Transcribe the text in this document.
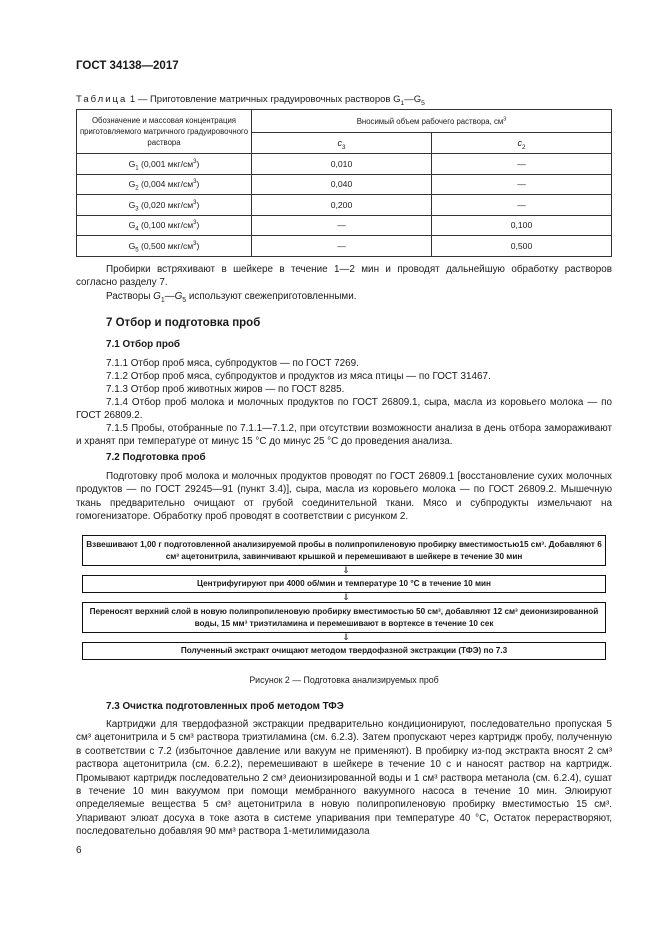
ГОСТ 34138—2017
Таблица 1 — Приготовление матричных градуировочных растворов $G_1—G_5$
Обозначение и массовая концентрация приготовляемого матричного градуировочного раствора	Вносимый объем рабочего раствора, $см^3$
	$c_3$	$c_2$
$G_1$ (0,001 мкг/$см^3$)	0,010	—
$G_2$ (0,004 мкг/$см^3$)	0,040	—
$G_3$ (0,020 мкг/$см^3$)	0,200	—
$G_4$ (0,100 мкг/$см^3$)	—	0,100
$G_5$ (0,500 мкг/$см^3$)	—	0,500
Пробирки встряхивают в шейкере в течение 1—2 мин и проводят дальнейшую обработку растворов согласно разделу 7.
Растворы $G_1—G_5$ используют свежеприготовленными.
7 Отбор и подготовка проб
7.1 Отбор проб
7.1.1 Отбор проб мяса, субпродуктов — по ГОСТ 7269.
7.1.2 Отбор проб мяса, субпродуктов и продуктов из мяса птицы — по ГОСТ 31467.
7.1.3 Отбор проб животных жиров — по ГОСТ 8285.
7.1.4 Отбор проб молока и молочных продуктов по ГОСТ 26809.1, сыра, масла из коровьего молока — по ГОСТ 26809.2.
7.1.5 Пробы, отобранные по 7.1.1—7.1.2, при отсутствии возможности анализа в день отбора замораживают и хранят при температуре от минус 15 °С до минус 25 °С до проведения анализа.
7.2 Подготовка проб
Подготовку проб молока и молочных продуктов проводят по ГОСТ 26809.1 [восстановление сухих молочных продуктов — по ГОСТ 29245—91 (пункт 3.4)], сыра, масла из коровьего молока — по ГОСТ 26809.2. Мышечную ткань предварительно очищают от грубой соединительной ткани. Мясо и субпродукты измельчают на гомогенизаторе. Обработку проб проводят в соответствии с рисунком 2.
Взвешивают 1,00 г подготовленной анализируемой пробы в полипропиленовую пробирку вместимостью15 см³. Добавляют 6 см³ ацетонитрила, завинчивают крышкой и перемешивают в шейкере в течение 30 мин
⇓
Центрифугируют при 4000 об/мин и температуре 10 °С в течение 10 мин
⇓
Переносят верхний слой в новую полипропиленовую пробирку вместимостью 50 см³, добавляют 12 см³ деионизированной воды, 15 мм³ триэтиламина и перемешивают в вортексе в течение 10 сек
⇓
Полученный экстракт очищают методом твердофазной экстракции (ТФЭ) по 7.3
Рисунок 2 — Подготовка анализируемых проб
7.3 Очистка подготовленных проб методом ТФЭ
Картриджи для твердофазной экстракции предварительно кондиционируют, последовательно пропуская 5 см³ ацетонитрила и 5 см³ раствора триэтиламина (см. 6.2.3). Затем пропускают через картридж пробу, полученную в соответствии с 7.2 (избыточное давление или вакуум не применяют). В пробирку из-под экстракта вносят 2 см³ раствора ацетонитрила (см. 6.2.2), перемешивают в шейкере в течение 10 с и наносят раствор на картридж. Промывают картридж последовательно 2 см³ деионизированной воды и 1 см³ раствора метанола (см. 6.2.4), сушат в течение 10 мин вакуумом при помощи мембранного вакуумного насоса в течение 10 мин. Элюируют определяемые вещества 5 см³ ацетонитрила в новую полипропиленовую пробирку вместимостью 15 см³. Упаривают элюат досуха в токе азота в системе упаривания при температуре 40 °С, Остаток перерастворяют, последовательно добавляя 90 мм³ раствора 1-метилимидазола
6
